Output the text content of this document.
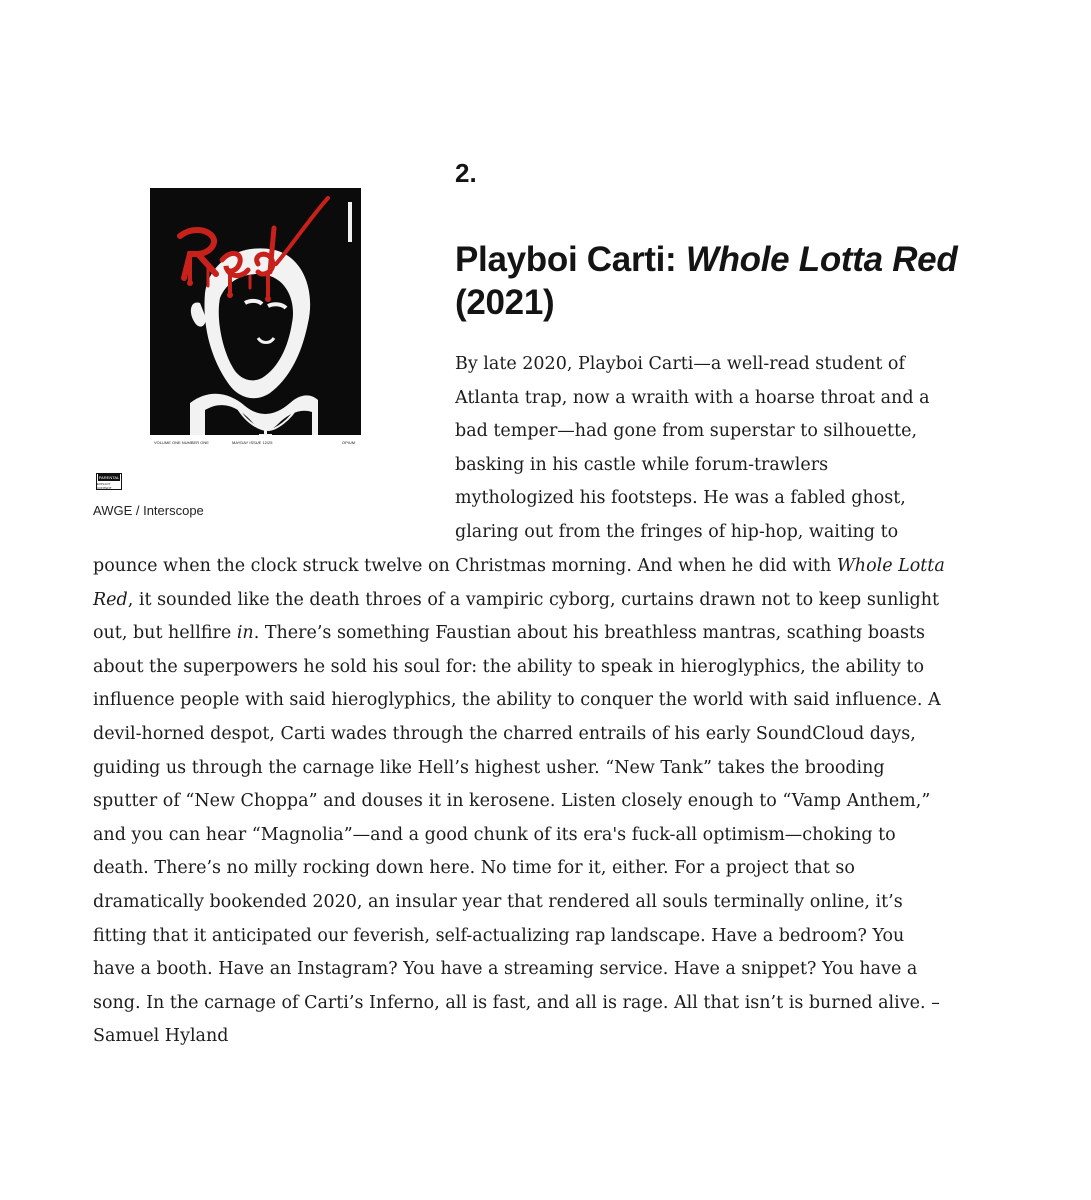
2.
VOLUME ONE NUMBER ONE	MAYDAY ISSUE 12/25	OPIUM
PARENTAL
EXPLICIT CONTENT
AWGE / Interscope
Playboi Carti: Whole Lotta Red (2021)
By late 2020, Playboi Carti—a well-read student of
Atlanta trap, now a wraith with a hoarse throat and a
bad temper—had gone from superstar to silhouette,
basking in his castle while forum-trawlers
mythologized his footsteps. He was a fabled ghost,
glaring out from the fringes of hip-hop, waiting to
pounce when the clock struck twelve on Christmas morning. And when he did with Whole Lotta
Red, it sounded like the death throes of a vampiric cyborg, curtains drawn not to keep sunlight
out, but hellfire in. There’s something Faustian about his breathless mantras, scathing boasts
about the superpowers he sold his soul for: the ability to speak in hieroglyphics, the ability to
influence people with said hieroglyphics, the ability to conquer the world with said influence. A
devil-horned despot, Carti wades through the charred entrails of his early SoundCloud days,
guiding us through the carnage like Hell’s highest usher. “New Tank” takes the brooding
sputter of “New Choppa” and douses it in kerosene. Listen closely enough to “Vamp Anthem,”
and you can hear “Magnolia”—and a good chunk of its era's fuck-all optimism—choking to
death. There’s no milly rocking down here. No time for it, either. For a project that so
dramatically bookended 2020, an insular year that rendered all souls terminally online, it’s
fitting that it anticipated our feverish, self-actualizing rap landscape. Have a bedroom? You
have a booth. Have an Instagram? You have a streaming service. Have a snippet? You have a
song. In the carnage of Carti’s Inferno, all is fast, and all is rage. All that isn’t is burned alive. –
Samuel Hyland
